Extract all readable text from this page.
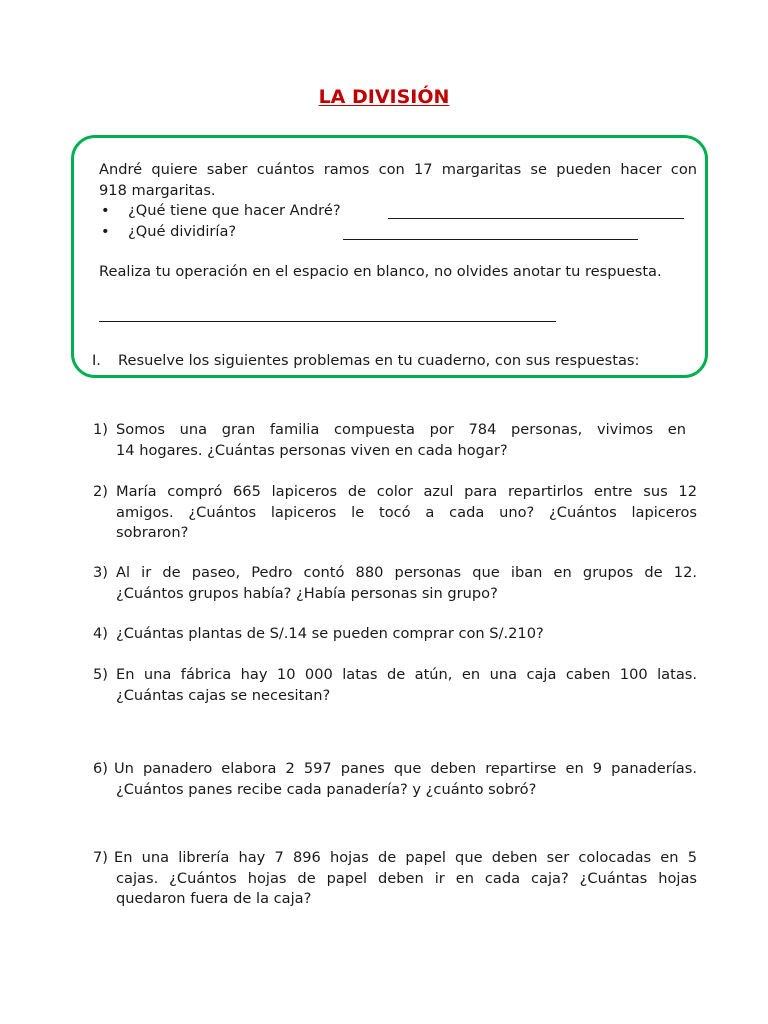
LA DIVISIÓN
André quiere saber cuántos ramos con 17 margaritas se pueden hacer con
918 margaritas.
• ¿Qué tiene que hacer André?
• ¿Qué dividiría?
Realiza tu operación en el espacio en blanco, no olvides anotar tu respuesta.
I. Resuelve los siguientes problemas en tu cuaderno, con sus respuestas:
1) Somos una gran familia compuesta por 784 personas, vivimos en
14 hogares. ¿Cuántas personas viven en cada hogar?
2) María compró 665 lapiceros de color azul para repartirlos entre sus 12
amigos. ¿Cuántos lapiceros le tocó a cada uno? ¿Cuántos lapiceros
sobraron?
3) Al ir de paseo, Pedro contó 880 personas que iban en grupos de 12.
¿Cuántos grupos había? ¿Había personas sin grupo?
4) ¿Cuántas plantas de S/.14 se pueden comprar con S/.210?
5) En una fábrica hay 10 000 latas de atún, en una caja caben 100 latas.
¿Cuántas cajas se necesitan?
6) Un panadero elabora 2 597 panes que deben repartirse en 9 panaderías.
¿Cuántos panes recibe cada panadería? y ¿cuánto sobró?
7) En una librería hay 7 896 hojas de papel que deben ser colocadas en 5
cajas. ¿Cuántos hojas de papel deben ir en cada caja? ¿Cuántas hojas
quedaron fuera de la caja?
